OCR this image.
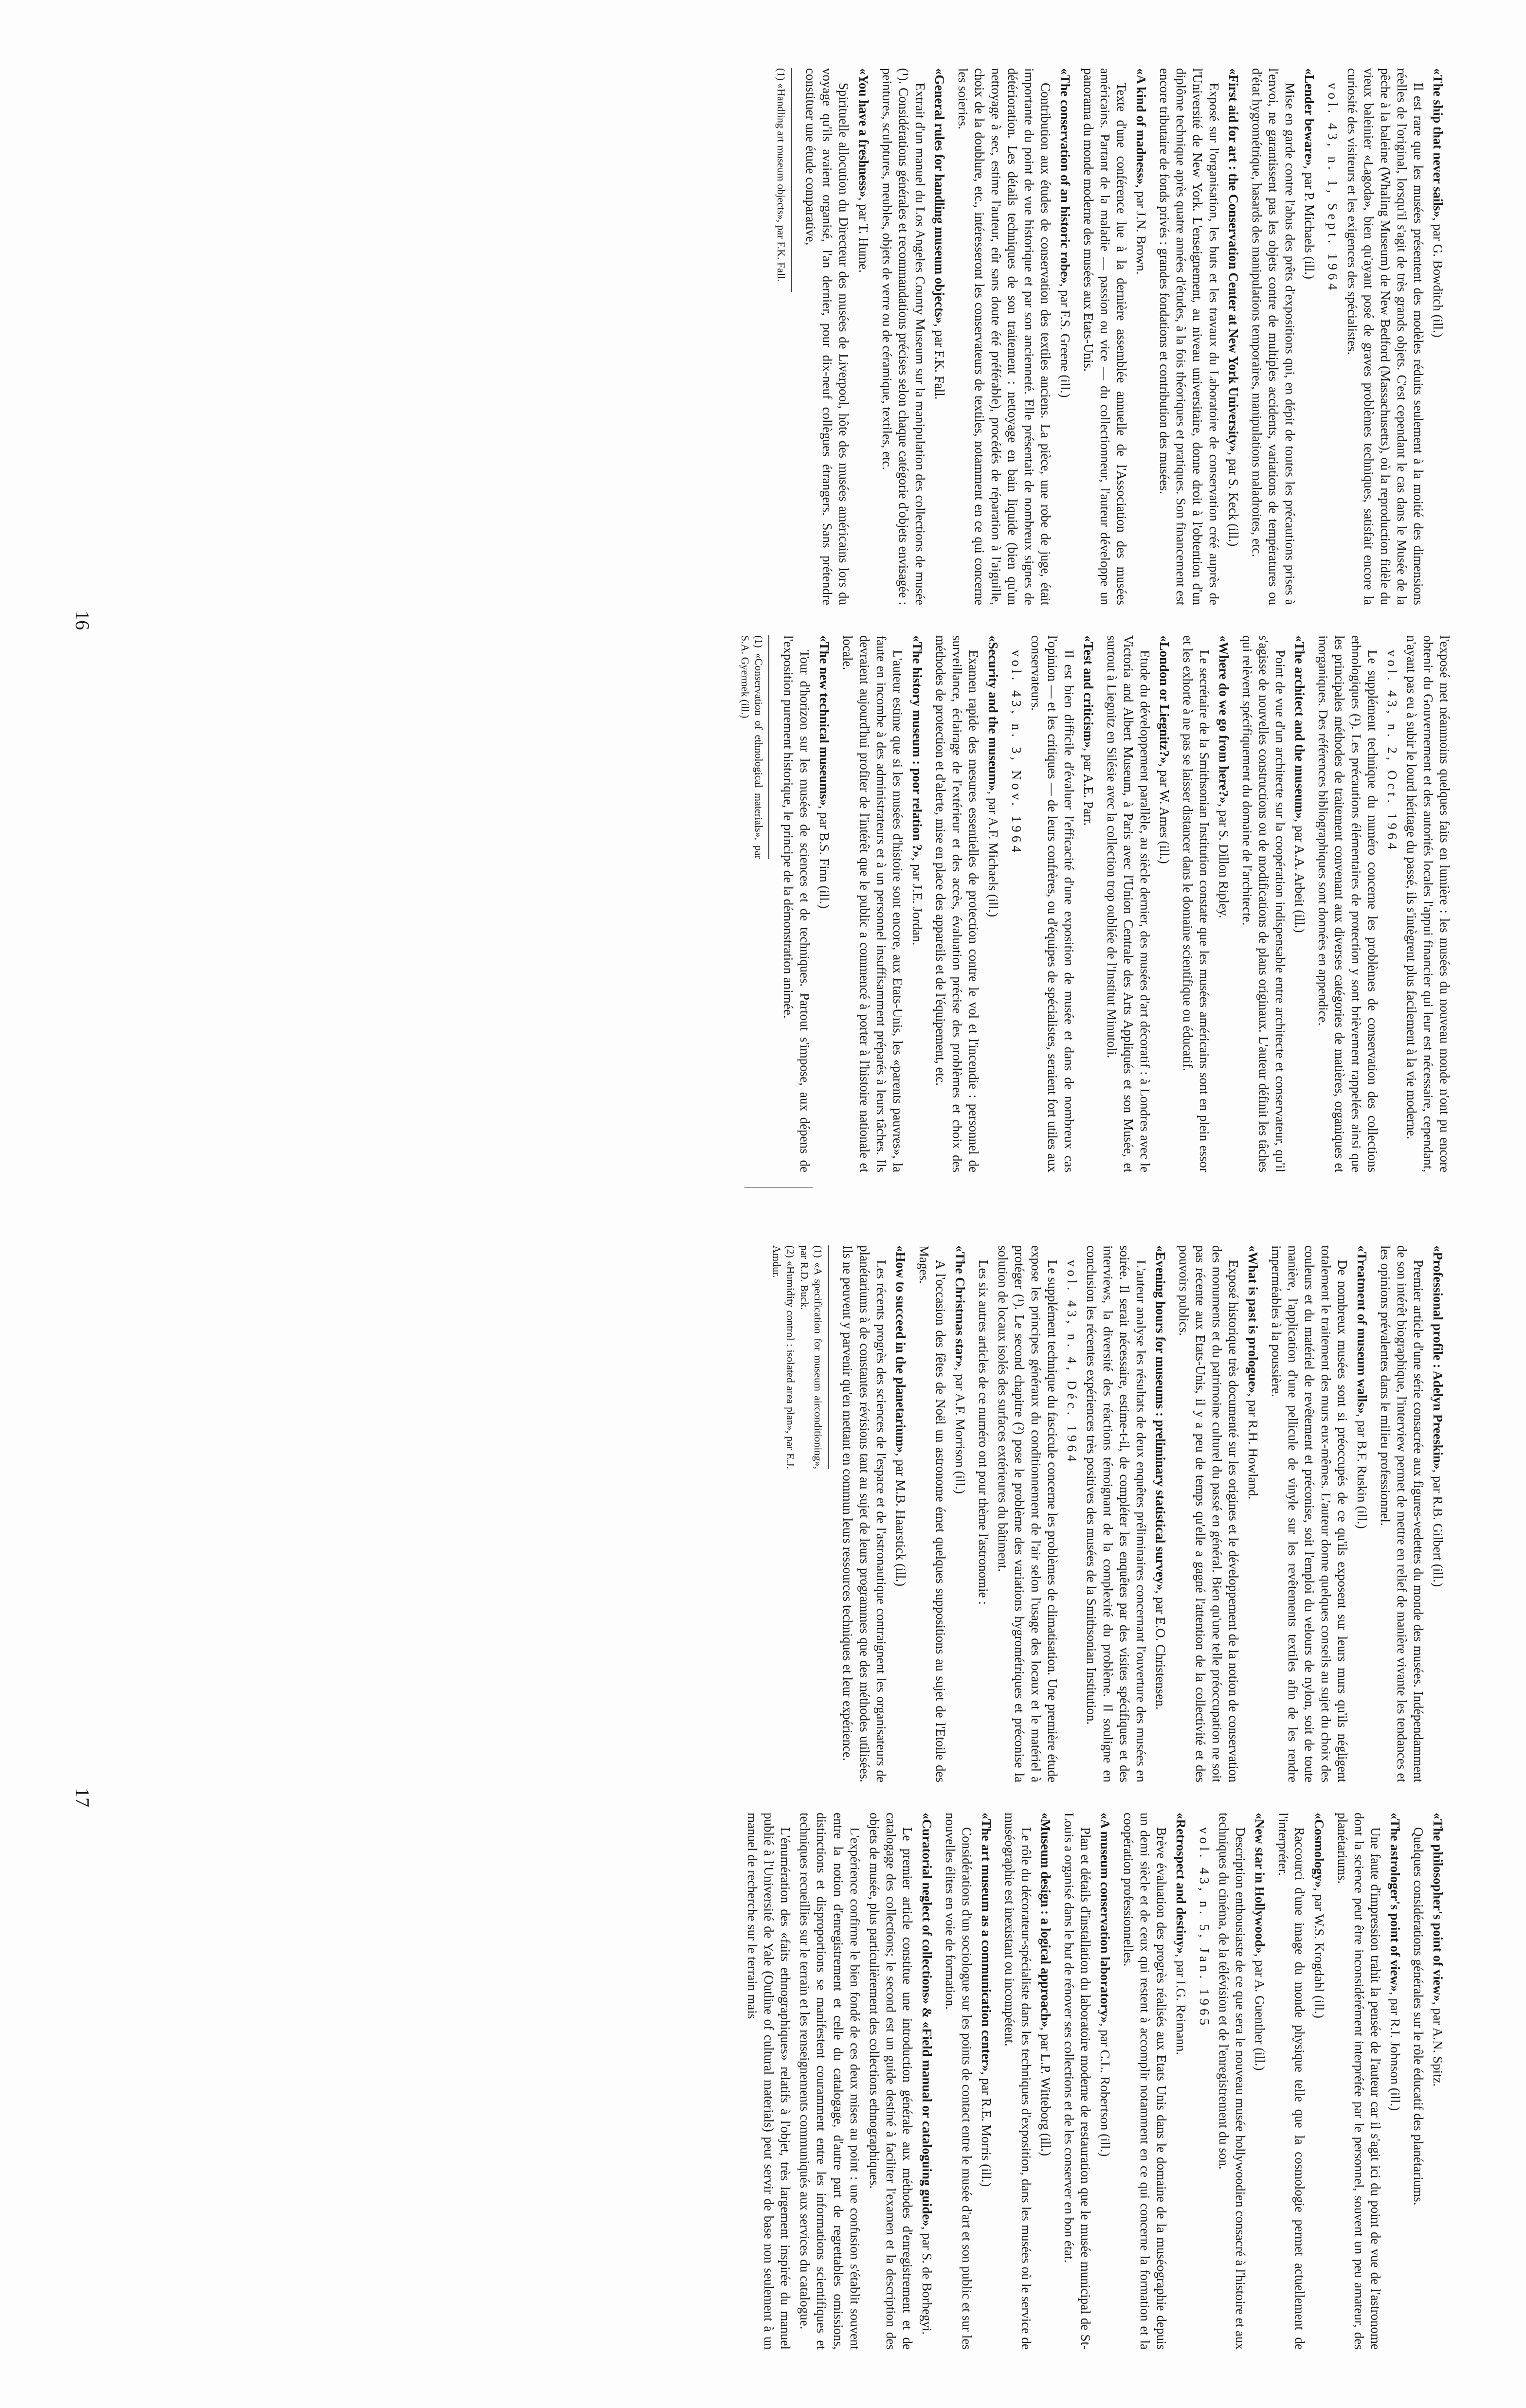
«The ship that never sails», par G. Bowditch (ill.)

Il est rare que les musées présentent des modèles réduits seulement à la moitié des dimensions réelles de l'original, lorsqu'il s'agit de très grands objets. C'est cependant le cas dans le Musée de la pêche à la baleine (Whaling Museum) de New Bedford (Massachusetts), où la reproduction fidèle du vieux baleinier «Lagoda», bien qu'ayant posé de graves problèmes techniques, satisfait encore la curiosité des visiteurs et les exigences des spécialistes.

vol. 43, n. 1, Sept. 1964

«Lender beware», par P. Michaels (ill.)

Mise en garde contre l'abus des prêts d'expositions qui, en dépit de toutes les précautions prises à l'envoi, ne garantissent pas les objets contre de multiples accidents, variations de températures ou d'état hygrométrique, hasards des manipulations temporaires, manipulations maladroites, etc.

«First aid for art : the Conservation Center at New York University», par S. Keck (ill.)

Exposé sur l'organisation, les buts et les travaux du Laboratoire de conservation créé auprès de l'Université de New York. L'enseignement, au niveau universitaire, donne droit à l'obtention d'un diplôme technique après quatre années d'études, à la fois théoriques et pratiques. Son financement est encore tributaire de fonds privés : grandes fondations et contribution des musées.

«A kind of madness», par J.N. Brown.

Texte d'une conférence lue à la dernière assemblée annuelle de l'Association des musées américains. Partant de la maladie — passion ou vice — du collectionneur, l'auteur développe un panorama du monde moderne des musées aux Etats-Unis.

«The conservation of an historic robe», par F.S. Greene (ill.)

Contribution aux études de conservation des textiles anciens. La pièce, une robe de juge, était importante du point de vue historique et par son ancienneté. Elle présentait de nombreux signes de détérioration. Les détails techniques de son traitement : nettoyage en bain liquide (bien qu'un nettoyage à sec, estime l'auteur, eût sans doute été préférable), procédés de réparation à l'aiguille, choix de la doublure, etc., intéresseront les conservateurs de textiles, notamment en ce qui concerne les soieries.

«General rules for handling museum objects», par F.K. Fall.

Extrait d'un manuel du Los Angeles County Museum sur la manipulation des collections de musée (¹). Considérations générales et recommandations précises selon chaque catégorie d'objets envisagée : peintures, sculptures, meubles, objets de verre ou de céramique, textiles, etc.

«You have a freshness», par T. Hume.

Spirituelle allocution du Directeur des musées de Liverpool, hôte des musées américains lors du voyage qu'ils avaient organisé, l'an dernier, pour dix-neuf collègues étrangers. Sans prétendre constituer une étude comparative,

(1) «Handling art museum objects», par F.K. Fall.

l'exposé met néanmoins quelques faits en lumière : les musées du nouveau monde n'ont pu encore obtenir du Gouvernement et des autorités locales l'appui financier qui leur est nécessaire, cependant, n'ayant pas eu à subir le lourd héritage du passé, ils s'intègrent plus facilement à la vie moderne.

vol. 43, n. 2, Oct. 1964

Le supplément technique du numéro concerne les problèmes de conservation des collections ethnologiques (¹). Les précautions élémentaires de protection y sont brièvement rappelées ainsi que les principales méthodes de traitement convenant aux diverses catégories de matières, organiques et inorganiques. Des références bibliographiques sont données en appendice.

«The architect and the museum», par A.A. Arbeit (ill.)

Point de vue d'un architecte sur la coopération indispensable entre architecte et conservateur, qu'il s'agisse de nouvelles constructions ou de modifications de plans originaux. L'auteur définit les tâches qui relèvent spécifiquement du domaine de l'architecte.

«Where do we go from here?», par S. Dillon Ripley.

Le secrétaire de la Smithsonian Institution constate que les musées américains sont en plein essor et les exhorte à ne pas se laisser distancer dans le domaine scientifique ou éducatif.

«London or Liegnitz?», par W. Ames (ill.)

Etude du développement parallèle, au siècle dernier, des musées d'art décoratif : à Londres avec le Victoria and Albert Museum, à Paris avec l'Union Centrale des Arts Appliqués et son Musée, et surtout à Liegnitz en Silésie avec la collection trop oubliée de l'Institut Minutoli.

«Test and criticism», par A.E. Parr.

Il est bien difficile d'évaluer l'efficacité d'une exposition de musée et dans de nombreux cas l'opinion — et les critiques — de leurs confrères, ou d'équipes de spécialistes, seraient fort utiles aux conservateurs.

vol. 43, n. 3, Nov. 1964

«Security and the museum», par A.F. Michaels (ill.)

Examen rapide des mesures essentielles de protection contre le vol et l'incendie : personnel de surveillance, éclairage de l'extérieur et des accès, évaluation précise des problèmes et choix des méthodes de protection et d'alerte, mise en place des appareils et de l'équipement, etc.

«The history museum : poor relation ?», par J.E. Jordan.

L'auteur estime que si les musées d'histoire sont encore, aux Etats-Unis, les «parents pauvres», la faute en incombe à des administrateurs et à un personnel insuffisamment préparés à leurs tâches. Ils devraient aujourd'hui profiter de l'intérêt que le public a commencé à porter à l'histoire nationale et locale.

«The new technical museums», par B.S. Finn (ill.)

Tour d'horizon sur les musées de sciences et de techniques. Partout s'impose, aux dépens de l'exposition purement historique, le principe de la démonstration animée.

(1) «Conservation of ethnological materials», par S.A. Gyermek (ill.)
16

«Professional profile : Adelyn Preeskin», par R.B. Gilbert (ill.)

Premier article d'une série consacrée aux figures-vedettes du monde des musées. Indépendamment de son intérêt biographique, l'interview permet de mettre en relief de manière vivante les tendances et les opinions prévalentes dans le milieu professionnel.

«Treatment of museum walls», par B.F. Ruskin (ill.)

De nombreux musées sont si préoccupés de ce qu'ils exposent sur leurs murs qu'ils négligent totalement le traitement des murs eux-mêmes. L'auteur donne quelques conseils au sujet du choix des couleurs et du matériel de revêtement et préconise, soit l'emploi du velours de nylon, soit de toute manière, l'application d'une pellicule de vinyle sur les revêtements textiles afin de les rendre imperméables à la poussière.

«What is past is prologue», par R.H. Howland.

Exposé historique très documenté sur les origines et le développement de la notion de conservation des monuments et du patrimoine culturel du passé en général. Bien qu'une telle préoccupation ne soit pas récente aux Etats-Unis, il y a peu de temps qu'elle a gagné l'attention de la collectivité et des pouvoirs publics.

«Evening hours for museums : preliminary statistical survey», par E.O. Christensen.

L'auteur analyse les résultats de deux enquêtes préliminaires concernant l'ouverture des musées en soirée. Il serait nécessaire, estime-t-il, de compléter les enquêtes par des visites spécifiques et des interviews, la diversité des réactions témoignant de la complexité du problème. Il souligne en conclusion les récentes expériences très positives des musées de la Smithsonian Institution.

vol. 43, n. 4, Déc. 1964

Le supplément technique du fascicule concerne les problèmes de climatisation. Une première étude expose les principes généraux du conditionnement de l'air selon l'usage des locaux et le matériel à protéger (¹). Le second chapitre (²) pose le problème des variations hygrométriques et préconise la solution de locaux isolés des surfaces extérieures du bâtiment.

Les six autres articles de ce numéro ont pour thème l'astronomie :

«The Christmas star», par A.F. Morrison (ill.)

A l'occasion des fêtes de Noël un astronome émet quelques suppositions au sujet de l'Etoile des Mages.

«How to succeed in the planetarium», par M.B. Haarstick (ill.)

Les récents progrès des sciences de l'espace et de l'astronautique contraignent les organisateurs de planétariums à de constantes révisions tant au sujet de leurs programmes que des méthodes utilisées. Ils ne peuvent y parvenir qu'en mettant en commun leurs ressources techniques et leur expérience.

(1) «A specification for museum airconditioning», par R.D. Buck.
(2) «Humidity control : isolated area plan», par E.J. Amdur.

«The philosopher's point of view», par A.N. Spitz.

Quelques considérations générales sur le rôle éducatif des planétariums.

«The astrologer's point of view», par R.I. Johnson (ill.)

Une faute d'impression trahit la pensée de l'auteur car il s'agit ici du point de vue de l'astronome dont la science peut être inconsidérément interprétée par le personnel, souvent un peu amateur, des planétariums.

«Cosmology», par W.S. Krogdahl (ill.)

Raccourci d'une image du monde physique telle que la cosmologie permet actuellement de l'interpréter.

«New star in Hollywood», par A. Guenther (ill.)

Description enthousiaste de ce que sera le nouveau musée hollywoodien consacré à l'histoire et aux techniques du cinéma, de la télévision et de l'enregistrement du son.

vol. 43, n. 5, Jan. 1965

«Retrospect and destiny», par I.G. Reimann.

Brève évaluation des progrès réalisés aux Etats Unis dans le domaine de la muséographie depuis un demi siècle et de ceux qui restent à accomplir notamment en ce qui concerne la formation et la coopération professionnelles.

«A museum conservation laboratory», par C.L. Robertson (ill.)

Plan et détails d'installation du laboratoire moderne de restauration que le musée municipal de St-Louis a organisé dans le but de rénover ses collections et de les conserver en bon état.

«Museum design : a logical approach», par L.P. Witteborg (ill.)

Le rôle du décorateur-spécialiste dans les techniques d'exposition, dans les musées où le service de muséographie est inexistant ou incompétent.

«The art museum as a communication center», par R.E. Morris (ill.)

Considérations d'un sociologue sur les points de contact entre le musée d'art et son public et sur les nouvelles élites en voie de formation.

«Curatorial neglect of collections» & «Field manual or cataloguing guide», par S. de Borhegyi.

Le premier article constitue une introduction générale aux méthodes d'enregistrement et de catalogage des collections; le second est un guide destiné à faciliter l'examen et la description des objets de musée, plus particulièrement des collections ethnographiques.

L'expérience confirme le bien fondé de ces deux mises au point : une confusion s'établit souvent entre la notion d'enregistrement et celle du catalogage, d'autre part de regrettables omissions, distinctions et disproportions se manifestent couramment entre les informations scientifiques et techniques recueillies sur le terrain et les renseignements communiqués aux services du catalogue.

L'énumération des «faits ethnographiques» relatifs à l'objet, très largement inspirée du manuel publié à l'Université de Yale (Outline of cultural materials) peut servir de base non seulement à un manuel de recherche sur le terrain mais

17
